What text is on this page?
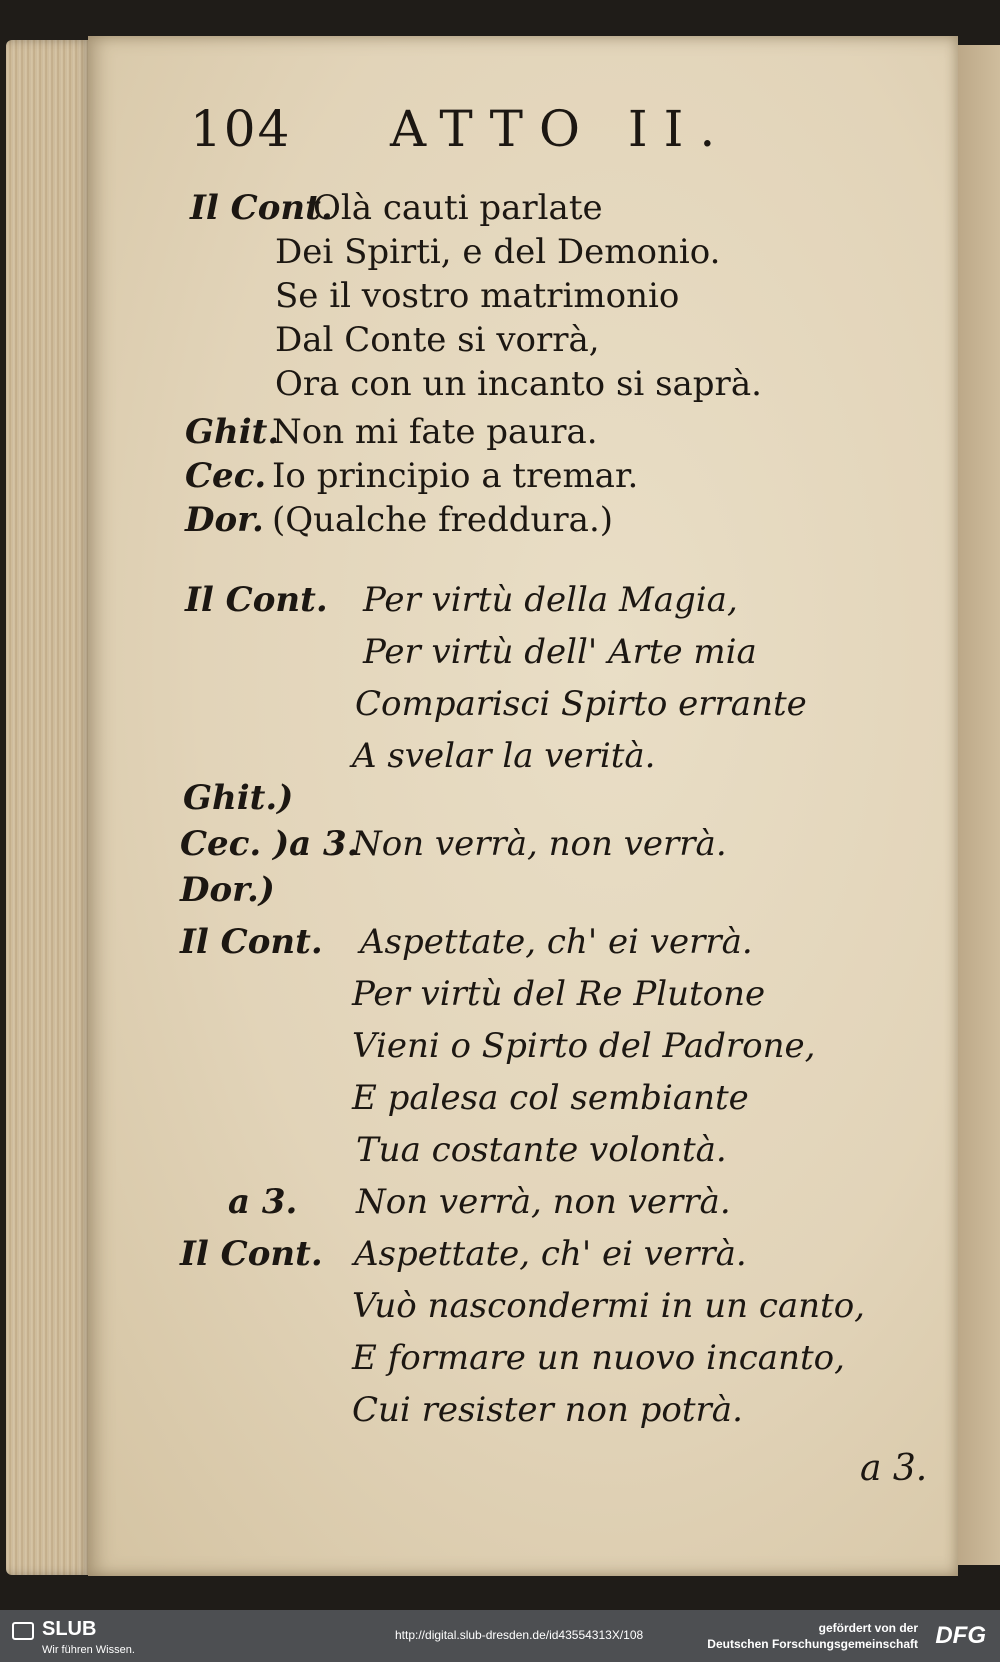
104 ATTO II.
Il Cont.
Olà cauti parlate
Dei Spirti, e del Demonio.
Se il vostro matrimonio
Dal Conte si vorrà,
Ora con un incanto si saprà.
Ghit.
Non mi fate paura.
Cec. Io principio a tremar.
Dor. (Qualche freddura.)
Il Cont. Per virtù della Magia,
Per virtù dell' Arte mia
Comparisci Spirto errante
A svelar la verità.
Ghit.)
Cec. )a 3.
Non verrà, non verrà.
Dor.)
Il Cont. Aspettate, ch' ei verrà.
Per virtù del Re Plutone
Vieni o Spirto del Padrone,
E palesa col sembiante
Tua costante volontà.
a 3. Non verrà, non verrà.
Il Cont. Aspettate, ch' ei verrà.
Vuò nascondermi in un canto,
E formare un nuovo incanto,
Cui resister non potrà.
a 3.
SLUB
Wir führen Wissen.
http://digital.slub-dresden.de/id43554313X/108	gefördert von der
Deutschen Forschungsgemeinschaft DFG
